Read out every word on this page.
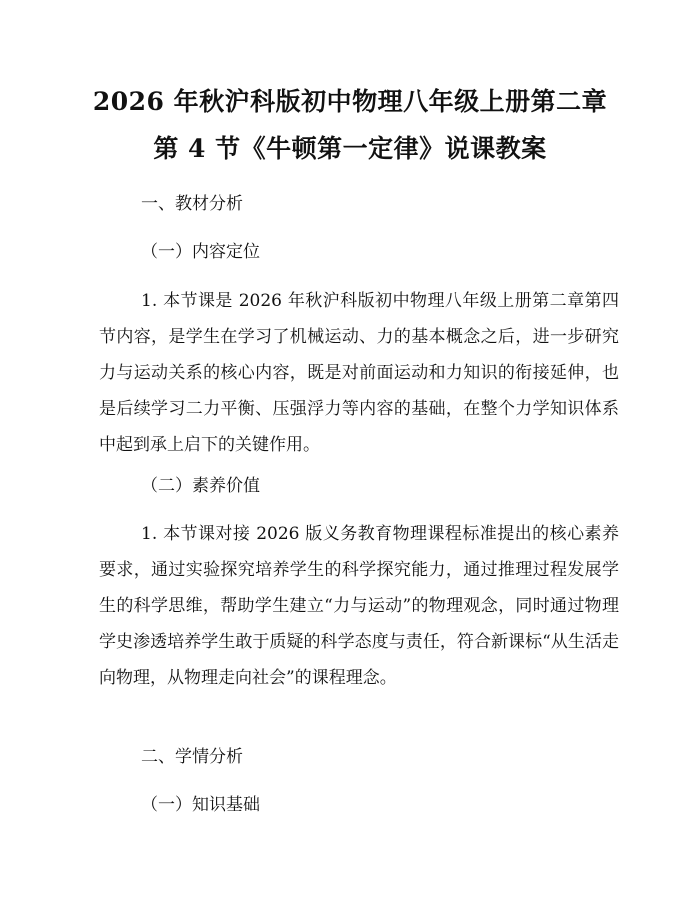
2026 年秋沪科版初中物理八年级上册第二章
第 4 节《牛顿第一定律》说课教案
一、教材分析
（一）内容定位
1. 本节课是 2026 年秋沪科版初中物理八年级上册第二章第四节内容，是学生在学习了机械运动、力的基本概念之后，进一步研究力与运动关系的核心内容，既是对前面运动和力知识的衔接延伸，也是后续学习二力平衡、压强浮力等内容的基础，在整个力学知识体系中起到承上启下的关键作用。
（二）素养价值
1. 本节课对接 2026 版义务教育物理课程标准提出的核心素养要求，通过实验探究培养学生的科学探究能力，通过推理过程发展学生的科学思维，帮助学生建立“力与运动”的物理观念，同时通过物理学史渗透培养学生敢于质疑的科学态度与责任，符合新课标“从生活走向物理，从物理走向社会”的课程理念。
二、学情分析
（一）知识基础
